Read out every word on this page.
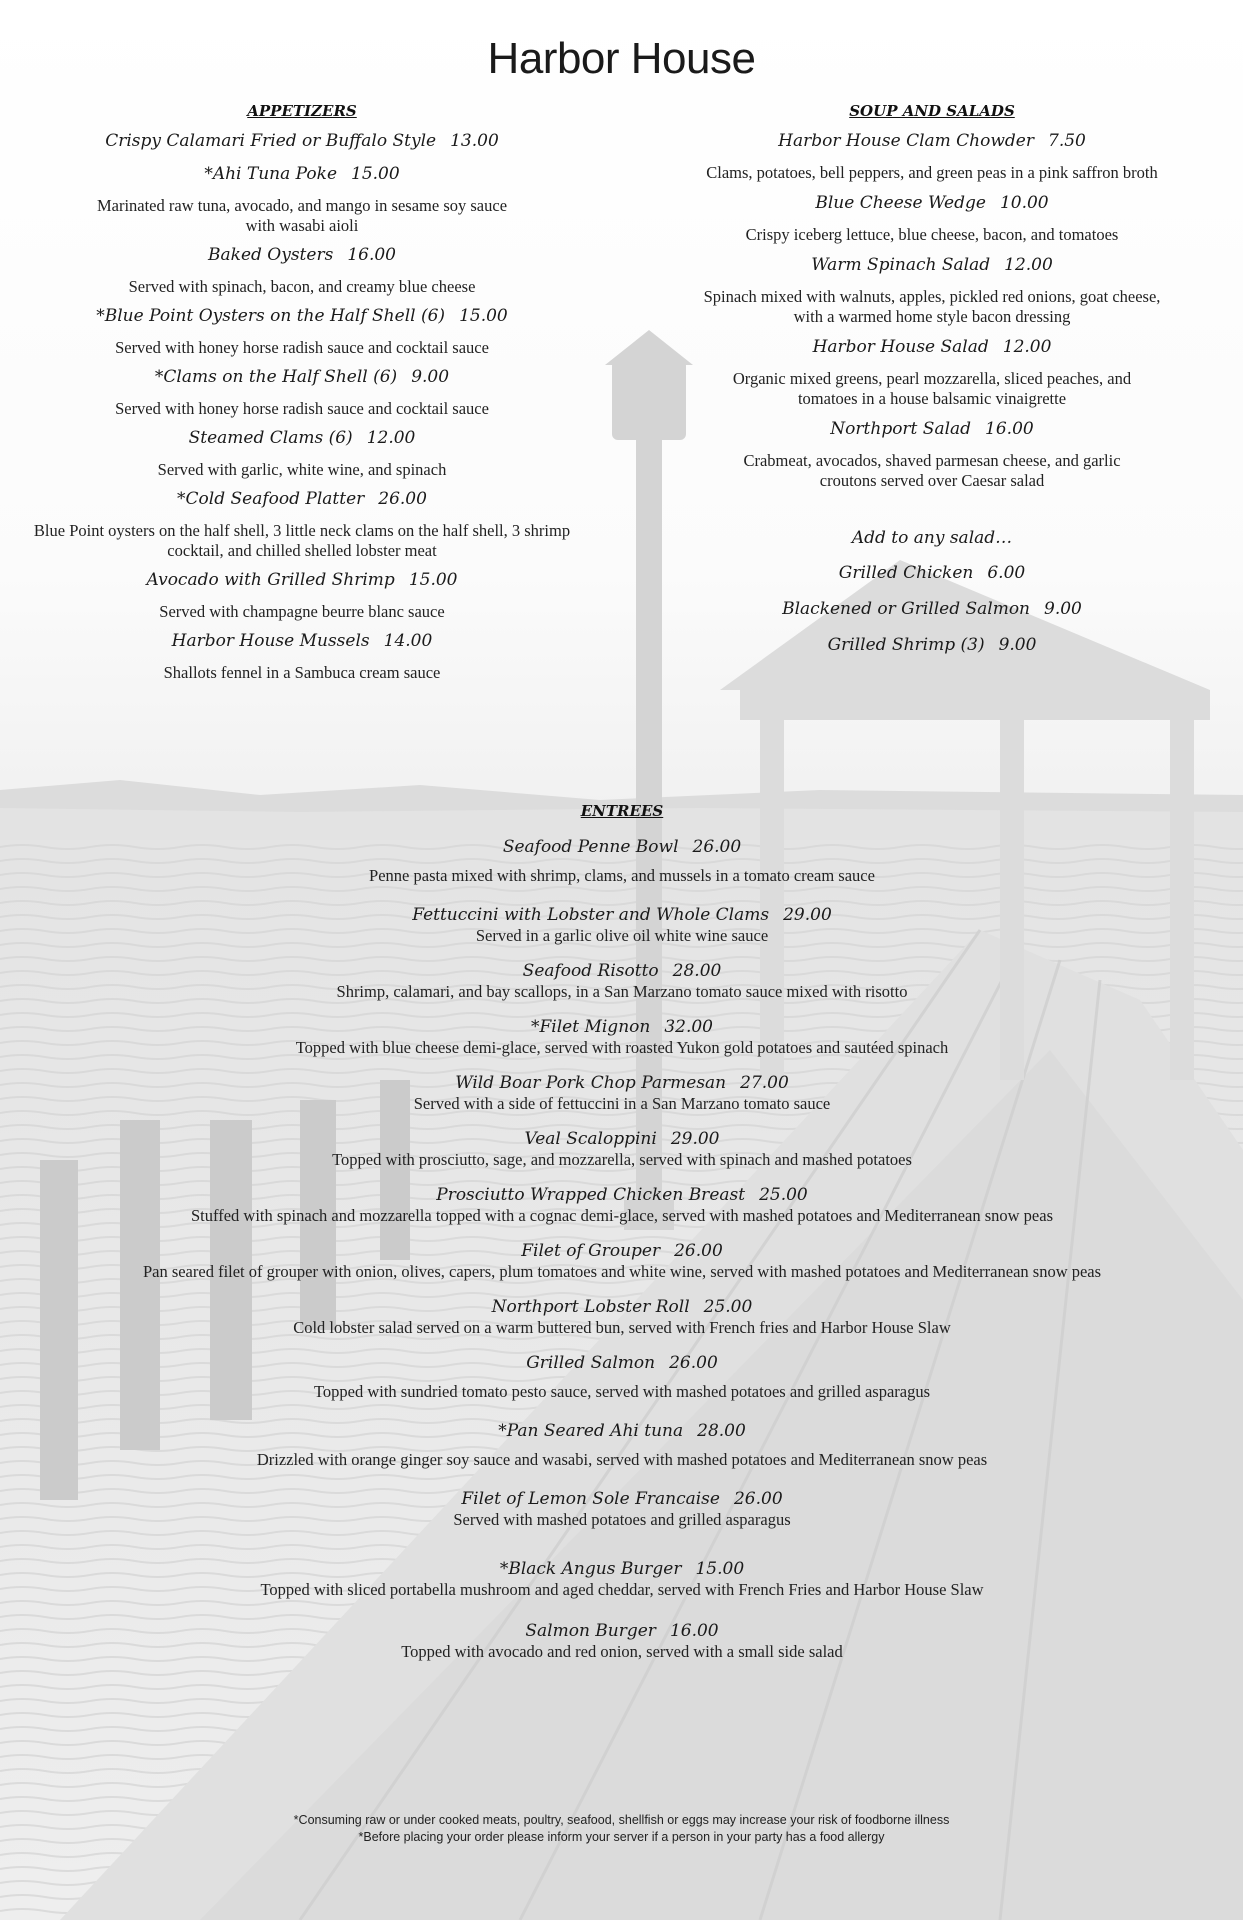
Harbor House
APPETIZERS
Crispy Calamari Fried or Buffalo Style 13.00
*Ahi Tuna Poke 15.00
Marinated raw tuna, avocado, and mango in sesame soy sauce with wasabi aioli
Baked Oysters 16.00
Served with spinach, bacon, and creamy blue cheese
*Blue Point Oysters on the Half Shell (6) 15.00
Served with honey horse radish sauce and cocktail sauce
*Clams on the Half Shell (6) 9.00
Served with honey horse radish sauce and cocktail sauce
Steamed Clams (6) 12.00
Served with garlic, white wine, and spinach
*Cold Seafood Platter 26.00
Blue Point oysters on the half shell, 3 little neck clams on the half shell, 3 shrimp cocktail, and chilled shelled lobster meat
Avocado with Grilled Shrimp 15.00
Served with champagne beurre blanc sauce
Harbor House Mussels 14.00
Shallots fennel in a Sambuca cream sauce
SOUP AND SALADS
Harbor House Clam Chowder 7.50
Clams, potatoes, bell peppers, and green peas in a pink saffron broth
Blue Cheese Wedge 10.00
Crispy iceberg lettuce, blue cheese, bacon, and tomatoes
Warm Spinach Salad 12.00
Spinach mixed with walnuts, apples, pickled red onions, goat cheese, with a warmed home style bacon dressing
Harbor House Salad 12.00
Organic mixed greens, pearl mozzarella, sliced peaches, and tomatoes in a house balsamic vinaigrette
Northport Salad 16.00
Crabmeat, avocados, shaved parmesan cheese, and garlic croutons served over Caesar salad
Add to any salad…
Grilled Chicken 6.00
Blackened or Grilled Salmon 9.00
Grilled Shrimp (3) 9.00
ENTREES
Seafood Penne Bowl 26.00
Penne pasta mixed with shrimp, clams, and mussels in a tomato cream sauce
Fettuccini with Lobster and Whole Clams 29.00
Served in a garlic olive oil white wine sauce
Seafood Risotto 28.00
Shrimp, calamari, and bay scallops, in a San Marzano tomato sauce mixed with risotto
*Filet Mignon 32.00
Topped with blue cheese demi-glace, served with roasted Yukon gold potatoes and sautéed spinach
Wild Boar Pork Chop Parmesan 27.00
Served with a side of fettuccini in a San Marzano tomato sauce
Veal Scaloppini 29.00
Topped with prosciutto, sage, and mozzarella, served with spinach and mashed potatoes
Prosciutto Wrapped Chicken Breast 25.00
Stuffed with spinach and mozzarella topped with a cognac demi-glace, served with mashed potatoes and Mediterranean snow peas
Filet of Grouper 26.00
Pan seared filet of grouper with onion, olives, capers, plum tomatoes and white wine, served with mashed potatoes and Mediterranean snow peas
Northport Lobster Roll 25.00
Cold lobster salad served on a warm buttered bun, served with French fries and Harbor House Slaw
Grilled Salmon 26.00
Topped with sundried tomato pesto sauce, served with mashed potatoes and grilled asparagus
*Pan Seared Ahi tuna 28.00
Drizzled with orange ginger soy sauce and wasabi, served with mashed potatoes and Mediterranean snow peas
Filet of Lemon Sole Francaise 26.00
Served with mashed potatoes and grilled asparagus
*Black Angus Burger 15.00
Topped with sliced portabella mushroom and aged cheddar, served with French Fries and Harbor House Slaw
Salmon Burger 16.00
Topped with avocado and red onion, served with a small side salad
*Consuming raw or under cooked meats, poultry, seafood, shellfish or eggs may increase your risk of foodborne illness
*Before placing your order please inform your server if a person in your party has a food allergy
